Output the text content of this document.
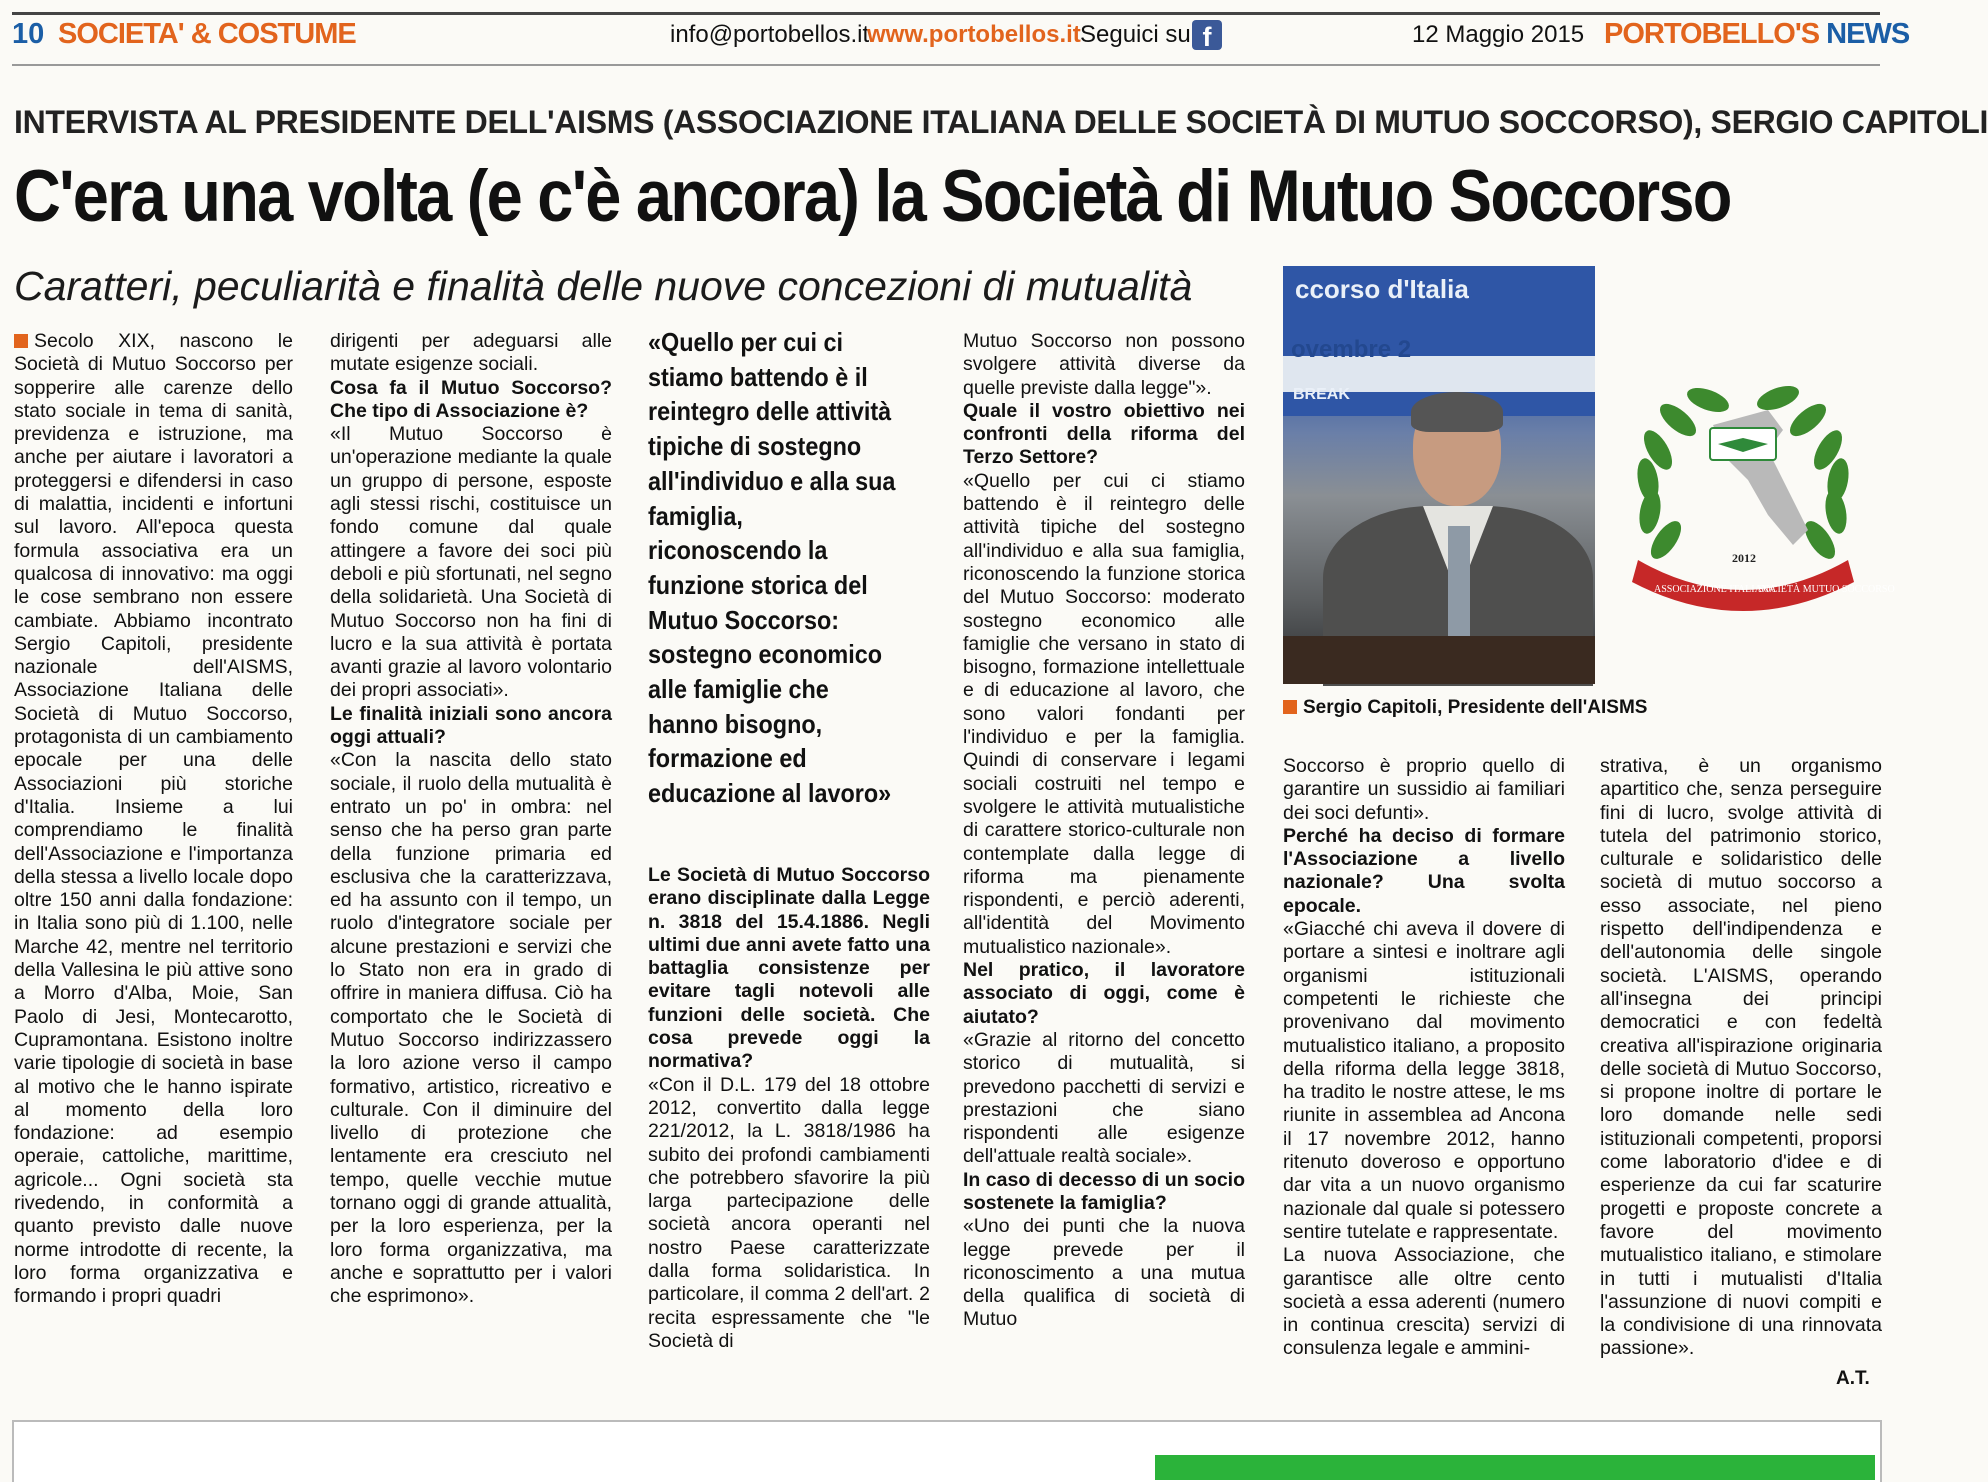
10 SOCIETA' & COSTUME	info@portobellos.it
www.portobellos.it Seguici su f	12 Maggio 2015 PORTOBELLO'S NEWS
INTERVISTA AL PRESIDENTE DELL'AISMS (ASSOCIAZIONE ITALIANA DELLE SOCIETÀ DI MUTUO SOCCORSO), SERGIO CAPITOLI
C'era una volta (e c'è ancora) la Società di Mutuo Soccorso
Caratteri, peculiarità e finalità delle nuove concezioni di mutualità

Secolo XIX, nascono le Società di Mutuo Soccorso per sopperire alle carenze dello stato sociale in tema di sanità, previdenza e istruzione, ma anche per aiutare i lavoratori a proteggersi e difendersi in caso di malattia, incidenti e infortuni sul lavoro. All'epoca questa formula associativa era un qualcosa di innovativo: ma oggi le cose sembrano non essere cambiate. Abbiamo incontrato Sergio Capitoli, presidente nazionale dell'AISMS, Associazione Italiana delle Società di Mutuo Soccorso, protagonista di un cambiamento epocale per una delle Associazioni più storiche d'Italia. Insieme a lui comprendiamo le finalità dell'Associazione e l'importanza della stessa a livello locale dopo oltre 150 anni dalla fondazione: in Italia sono più di 1.100, nelle Marche 42, mentre nel territorio della Vallesina le più attive sono a Morro d'Alba, Moie, San Paolo di Jesi, Montecarotto, Cupramontana. Esistono inoltre varie tipologie di società in base al motivo che le hanno ispirate al momento della loro fondazione: ad esempio operaie, cattoliche, marittime, agricole... Ogni società sta rivedendo, in conformità a quanto previsto dalle nuove norme introdotte di recente, la loro forma organizzativa e formando i propri quadri

dirigenti per adeguarsi alle mutate esigenze sociali.

Cosa fa il Mutuo Soccorso? Che tipo di Associazione è?

«Il Mutuo Soccorso è un'operazione mediante la quale un gruppo di persone, esposte agli stessi rischi, costituisce un fondo comune dal quale attingere a favore dei soci più deboli e più sfortunati, nel segno della solidarietà. Una Società di Mutuo Soccorso non ha fini di lucro e la sua attività è portata avanti grazie al lavoro volontario dei propri associati».

Le finalità iniziali sono ancora oggi attuali?

«Con la nascita dello stato sociale, il ruolo della mutualità è entrato un po' in ombra: nel senso che ha perso gran parte della funzione primaria ed esclusiva che la caratterizzava, ed ha assunto con il tempo, un ruolo d'integratore sociale per alcune prestazioni e servizi che lo Stato non era in grado di offrire in maniera diffusa. Ciò ha comportato che le Società di Mutuo Soccorso indirizzassero la loro azione verso il campo formativo, artistico, ricreativo e culturale. Con il diminuire del livello di protezione che lentamente era cresciuto nel tempo, quelle vecchie mutue tornano oggi di grande attualità, per la loro esperienza, per la loro forma organizzativa, ma anche e soprattutto per i valori che esprimono».

«Quello per cui ci stiamo battendo è il reintegro delle attività tipiche di sostegno all'individuo e alla sua famiglia, riconoscendo la funzione storica del Mutuo Soccorso: sostegno economico alle famiglie che hanno bisogno, formazione ed educazione al lavoro»

Le Società di Mutuo Soccorso erano disciplinate dalla Legge n. 3818 del 15.4.1886. Negli ultimi due anni avete fatto una battaglia consistenze per evitare tagli notevoli alle funzioni delle società. Che cosa prevede oggi la normativa?

«Con il D.L. 179 del 18 ottobre 2012, convertito dalla legge 221/2012, la L. 3818/1986 ha subito dei profondi cambiamenti che potrebbero sfavorire la più larga partecipazione delle società ancora operanti nel nostro Paese caratterizzate dalla forma solidaristica. In particolare, il comma 2 dell'art. 2 recita espressamente che "le Società di

Mutuo Soccorso non possono svolgere attività diverse da quelle previste dalla legge"».

Quale il vostro obiettivo nei confronti della riforma del Terzo Settore?

«Quello per cui ci stiamo battendo è il reintegro delle attività tipiche del sostegno all'individuo e alla sua famiglia, riconoscendo la funzione storica del Mutuo Soccorso: moderato sostegno economico alle famiglie che versano in stato di bisogno, formazione intellettuale e di educazione al lavoro, che sono valori fondanti per l'individuo e per la famiglia. Quindi di conservare i legami sociali costruiti nel tempo e svolgere le attività mutualistiche di carattere storico-culturale non contemplate dalla legge di riforma ma pienamente rispondenti, e perciò aderenti, all'identità del Movimento mutualistico nazionale».

Nel pratico, il lavoratore associato di oggi, come è aiutato?

«Grazie al ritorno del concetto storico di mutualità, si prevedono pacchetti di servizi e prestazioni che siano rispondenti alle esigenze dell'attuale realtà sociale».

In caso di decesso di un socio sostenete la famiglia?

«Uno dei punti che la nuova legge prevede per il riconoscimento a una mutua della qualifica di società di Mutuo

ccorso d'Italia
ovembre 2
BREAK
Sergio Capitoli, Presidente dell'AISMS
2012
ASSOCIAZIONE ITALIANA
SOCIETÀ MUTUO SOCCORSO

Soccorso è proprio quello di garantire un sussidio ai familiari dei soci defunti».

Perché ha deciso di formare l'Associazione a livello nazionale? Una svolta epocale.

«Giacché chi aveva il dovere di portare a sintesi e inoltrare agli organismi istituzionali competenti le richieste che provenivano dal movimento mutualistico italiano, a proposito della riforma della legge 3818, ha tradito le nostre attese, le ms riunite in assemblea ad Ancona il 17 novembre 2012, hanno ritenuto doveroso e opportuno dar vita a un nuovo organismo nazionale dal quale si potessero sentire tutelate e rappresentate.

La nuova Associazione, che garantisce alle oltre cento società a essa aderenti (numero in continua crescita) servizi di consulenza legale e ammini-

strativa, è un organismo apartitico che, senza perseguire fini di lucro, svolge attività di tutela del patrimonio storico, culturale e solidaristico delle società di mutuo soccorso a esso associate, nel pieno rispetto dell'indipendenza e dell'autonomia delle singole società. L'AISMS, operando all'insegna dei principi democratici e con fedeltà creativa all'ispirazione originaria delle società di Mutuo Soccorso, si propone inoltre di portare le loro domande nelle sedi istituzionali competenti, proporsi come laboratorio d'idee e di esperienze da cui far scaturire progetti e proposte concrete a favore del movimento mutualistico italiano, e stimolare in tutti i mutualisti d'Italia l'assunzione di nuovi compiti e la condivisione di una rinnovata passione».

A.T.
